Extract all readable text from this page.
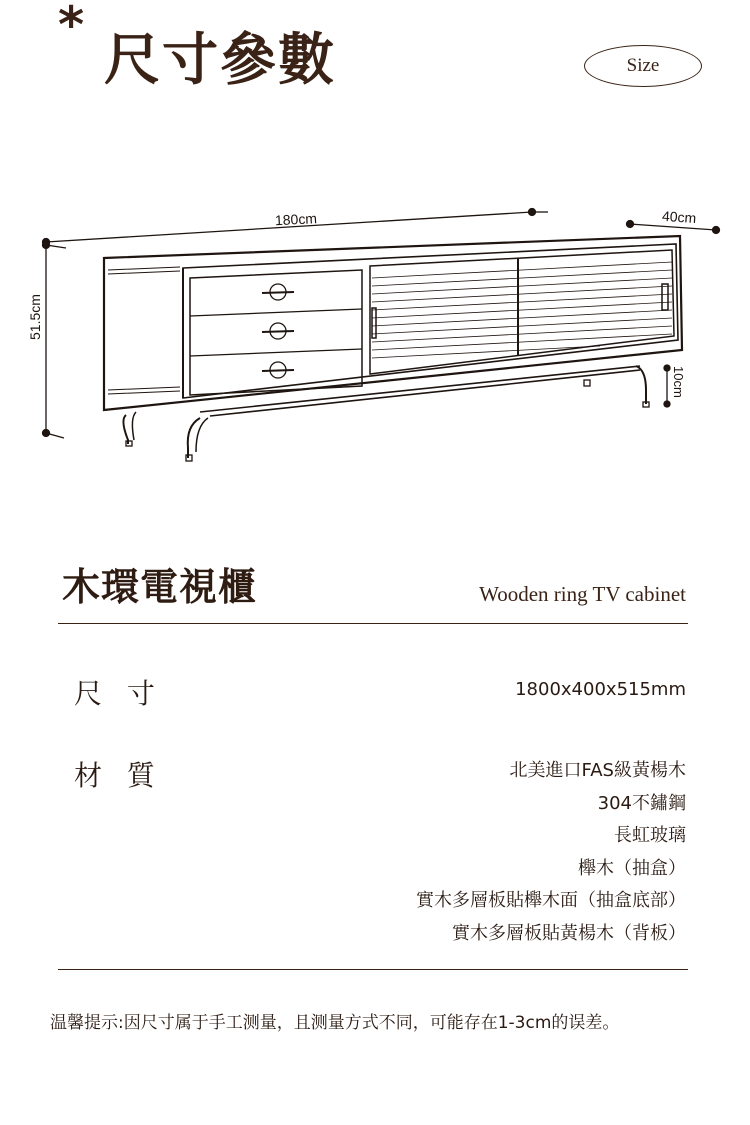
*
尺寸參數	Size
180cm	40cm
51.5cm
10cm
木環電視櫃	Wooden ring TV cabinet
尺 寸	1800x400x515mm
材 質	北美進口FAS級黃楊木
304不鏽鋼
長虹玻璃
櫸木（抽盒）
實木多層板貼櫸木面（抽盒底部）
實木多層板貼黃楊木（背板）
温馨提示:因尺寸属于手工测量，且测量方式不同，可能存在1-3cm的误差。
